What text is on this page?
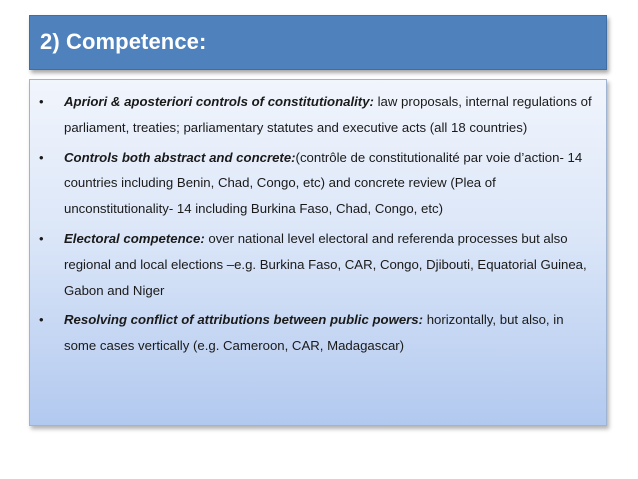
2) Competence:
• Apriori & aposteriori controls of constitutionality: law proposals, internal regulations of parliament, treaties; parliamentary statutes and executive acts (all 18 countries)
• Controls both abstract and concrete:(contrôle de constitutionalité par voie d’action- 14 countries including Benin, Chad, Congo, etc) and concrete review (Plea of unconstitutionality- 14 including Burkina Faso, Chad, Congo, etc)
• Electoral competence: over national level electoral and referenda processes but also regional and local elections –e.g. Burkina Faso, CAR, Congo, Djibouti, Equatorial Guinea, Gabon and Niger
• Resolving conflict of attributions between public powers: horizontally, but also, in some cases vertically (e.g. Cameroon, CAR, Madagascar)
